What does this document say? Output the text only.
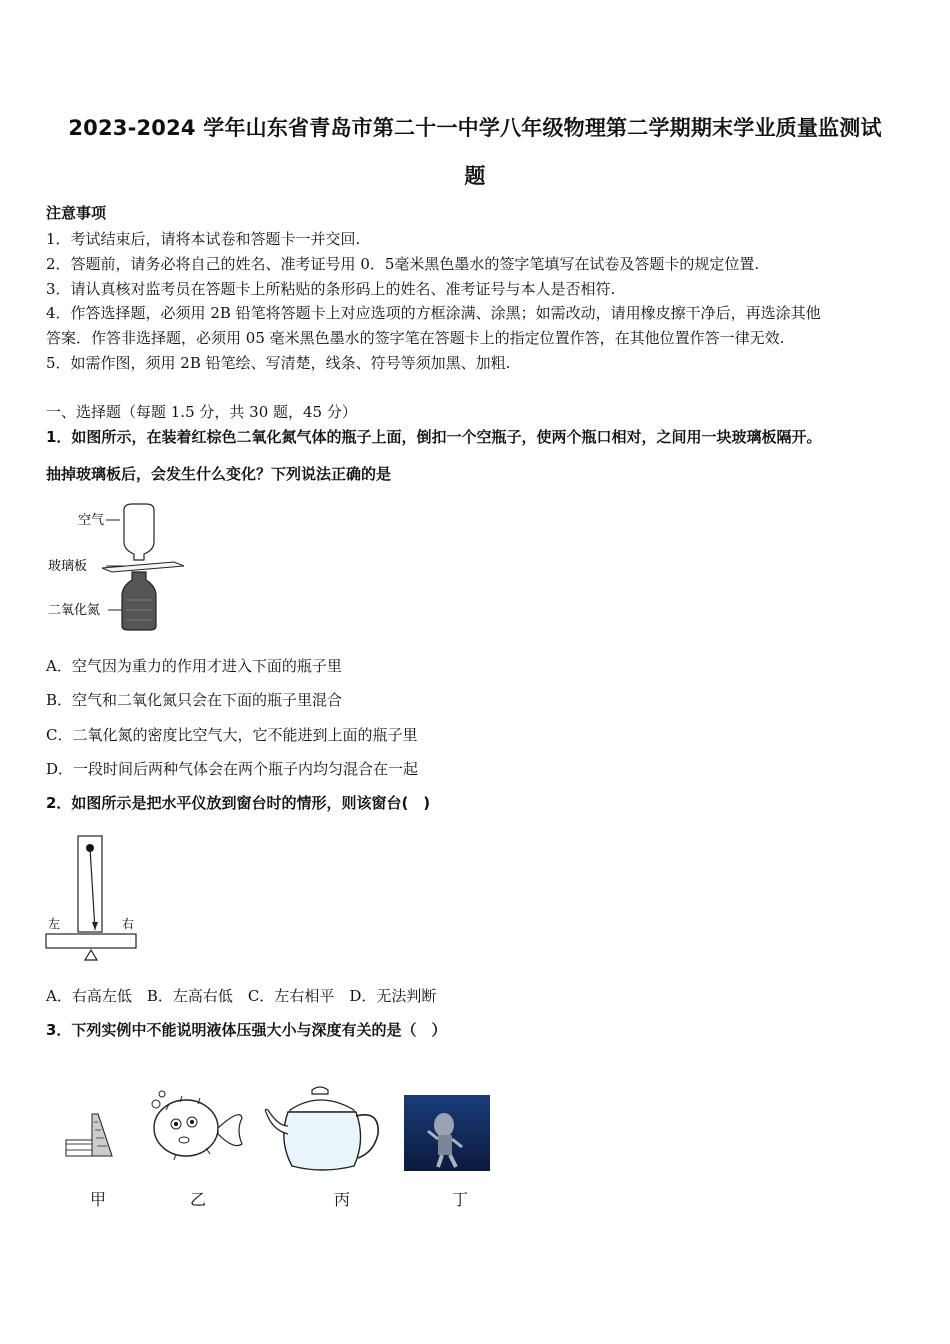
2023-2024 学年山东省青岛市第二十一中学八年级物理第二学期期末学业质量监测试
题
注意事项
1．考试结束后，请将本试卷和答题卡一并交回.
2．答题前，请务必将自己的姓名、准考证号用 0．5毫米黑色墨水的签字笔填写在试卷及答题卡的规定位置.
3．请认真核对监考员在答题卡上所粘贴的条形码上的姓名、准考证号与本人是否相符.
4．作答选择题，必须用 2B 铅笔将答题卡上对应选项的方框涂满、涂黑；如需改动，请用橡皮擦干净后，再选涂其他
答案．作答非选择题，必须用 05 毫米黑色墨水的签字笔在答题卡上的指定位置作答，在其他位置作答一律无效.
5．如需作图，须用 2B 铅笔绘、写清楚，线条、符号等须加黑、加粗.
一、选择题（每题 1.5 分，共 30 题，45 分）
1．如图所示，在装着红棕色二氧化氮气体的瓶子上面，倒扣一个空瓶子，使两个瓶口相对，之间用一块玻璃板隔开。
抽掉玻璃板后，会发生什么变化？下列说法正确的是
空气
玻璃板
二氧化氮
A．空气因为重力的作用才进入下面的瓶子里
B．空气和二氧化氮只会在下面的瓶子里混合
C．二氧化氮的密度比空气大，它不能进到上面的瓶子里
D．一段时间后两种气体会在两个瓶子内均匀混合在一起
2．如图所示是把水平仪放到窗台时的情形，则该窗台(　)
左	右
A．右高左低　B．左高右低　C．左右相平　D．无法判断
3．下列实例中不能说明液体压强大小与深度有关的是（　）
甲	乙	丙	丁
